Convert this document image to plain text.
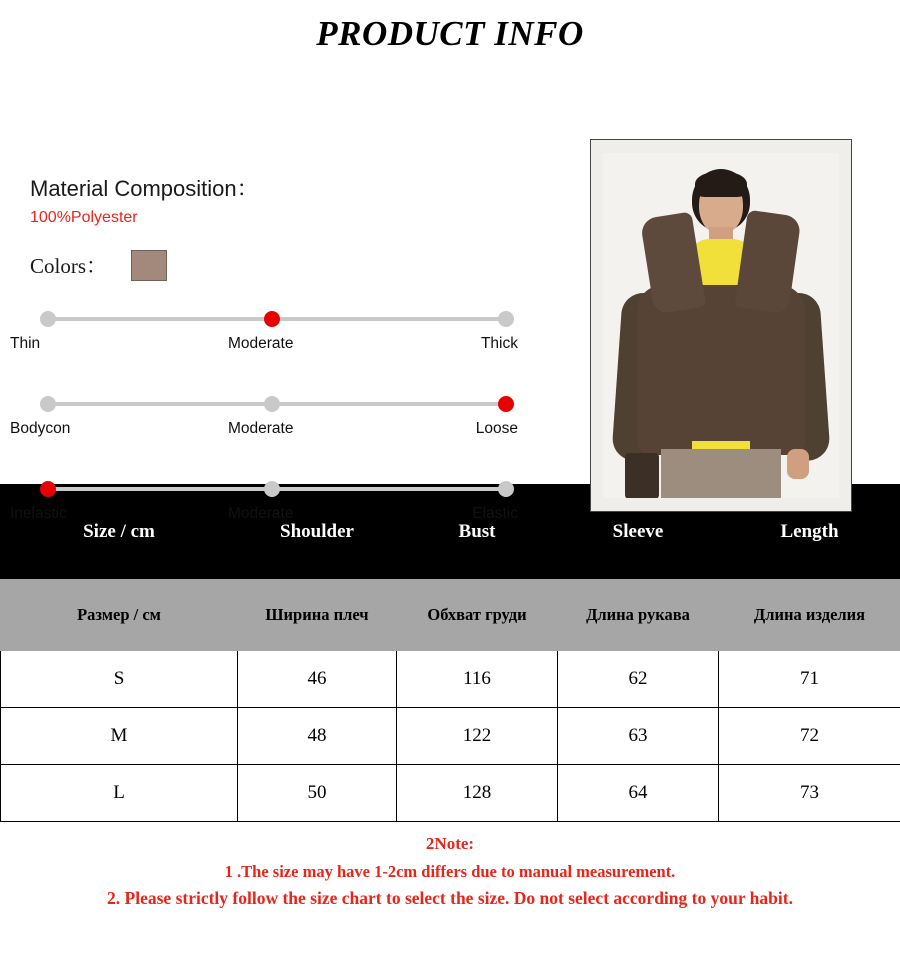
PRODUCT INFO
Material Composition：
100%Polyester
Colors：
Thin	Moderate	Thick
Bodycon	Moderate	Loose
Inelastic	Moderate	Elastic
Size / cm	Shoulder	Bust	Sleeve	Length
Размер / см	Ширина плеч	Обхват груди	Длина рукава	Длина изделия
S	46	116	62	71
M	48	122	63	72
L	50	128	64	73
2Note:
1 .The size may have 1-2cm differs due to manual measurement.
2. Please strictly follow the size chart to select the size. Do not select according to your habit.
